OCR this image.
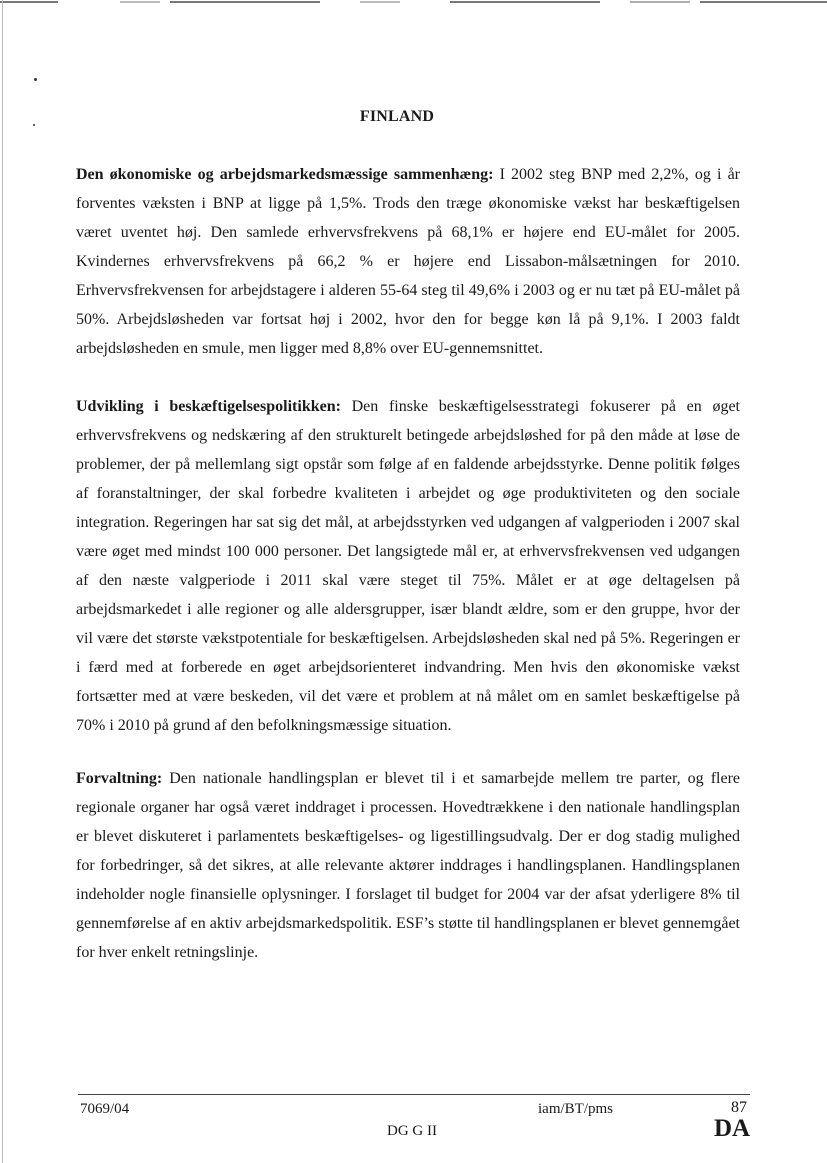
FINLAND
Den økonomiske og arbejdsmarkedsmæssige sammenhæng: I 2002 steg BNP med 2,2%, og i år forventes væksten i BNP at ligge på 1,5%. Trods den træge økonomiske vækst har beskæftigelsen været uventet høj. Den samlede erhvervsfrekvens på 68,1% er højere end EU-målet for 2005. Kvindernes erhvervsfrekvens på 66,2 % er højere end Lissabon-målsætningen for 2010. Erhvervsfrekvensen for arbejdstagere i alderen 55-64 steg til 49,6% i 2003 og er nu tæt på EU-målet på 50%. Arbejdsløsheden var fortsat høj i 2002, hvor den for begge køn lå på 9,1%. I 2003 faldt arbejdsløsheden en smule, men ligger med 8,8% over EU-gennemsnittet.
Udvikling i beskæftigelsespolitikken: Den finske beskæftigelsesstrategi fokuserer på en øget erhvervsfrekvens og nedskæring af den strukturelt betingede arbejdsløshed for på den måde at løse de problemer, der på mellemlang sigt opstår som følge af en faldende arbejdsstyrke. Denne politik følges af foranstaltninger, der skal forbedre kvaliteten i arbejdet og øge produktiviteten og den sociale integration. Regeringen har sat sig det mål, at arbejdsstyrken ved udgangen af valgperioden i 2007 skal være øget med mindst 100 000 personer. Det langsigtede mål er, at erhvervsfrekvensen ved udgangen af den næste valgperiode i 2011 skal være steget til 75%. Målet er at øge deltagelsen på arbejdsmarkedet i alle regioner og alle aldersgrupper, især blandt ældre, som er den gruppe, hvor der vil være det største vækstpotentiale for beskæftigelsen. Arbejdsløsheden skal ned på 5%. Regeringen er i færd med at forberede en øget arbejdsorienteret indvandring. Men hvis den økonomiske vækst fortsætter med at være beskeden, vil det være et problem at nå målet om en samlet beskæftigelse på 70% i 2010 på grund af den befolkningsmæssige situation.
Forvaltning: Den nationale handlingsplan er blevet til i et samarbejde mellem tre parter, og flere regionale organer har også været inddraget i processen. Hovedtrækkene i den nationale handlingsplan er blevet diskuteret i parlamentets beskæftigelses- og ligestillingsudvalg. Der er dog stadig mulighed for forbedringer, så det sikres, at alle relevante aktører inddrages i handlingsplanen. Handlingsplanen indeholder nogle finansielle oplysninger. I forslaget til budget for 2004 var der afsat yderligere 8% til gennemførelse af en aktiv arbejdsmarkedspolitik. ESF’s støtte til handlingsplanen er blevet gennemgået for hver enkelt retningslinje.
7069/04
DG G II
iam/BT/pms	87
DA
